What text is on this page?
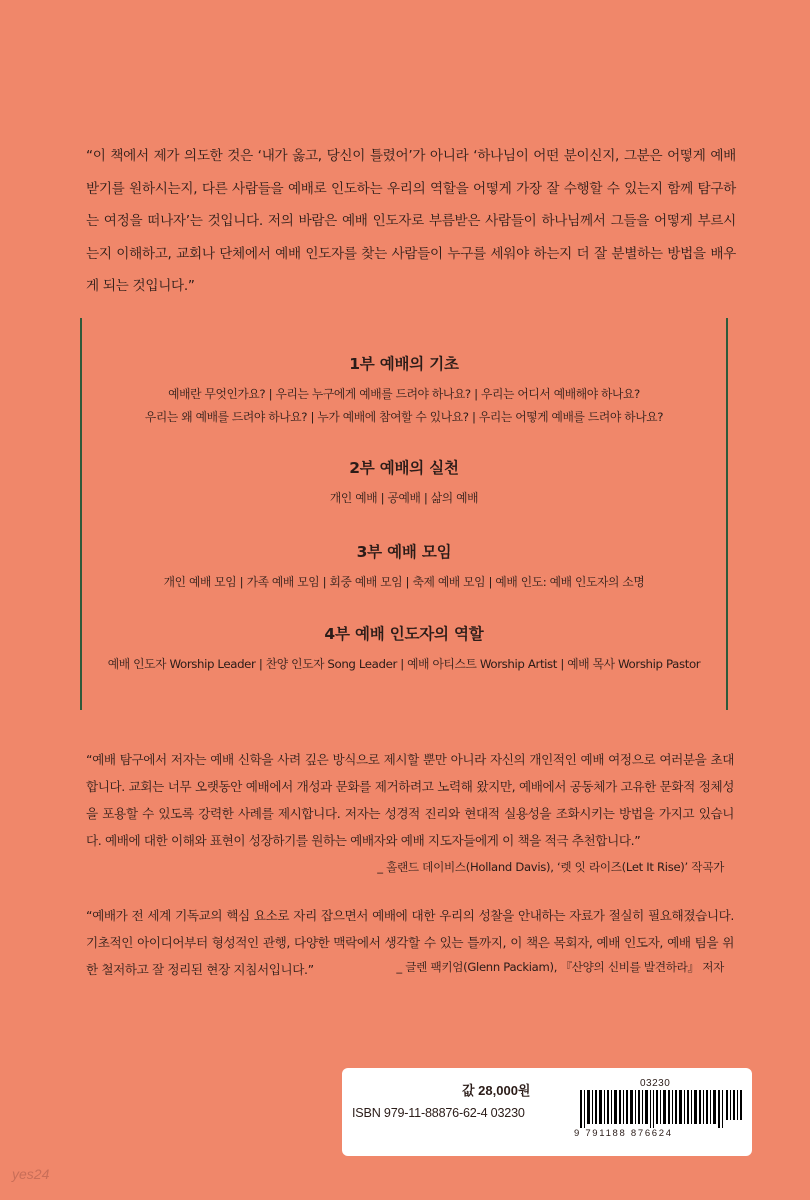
“이 책에서 제가 의도한 것은 ‘내가 옳고, 당신이 틀렸어’가 아니라 ‘하나님이 어떤 분이신지, 그분은 어떻게 예배받기를 원하시는지, 다른 사람들을 예배로 인도하는 우리의 역할을 어떻게 가장 잘 수행할 수 있는지 함께 탐구하는 여정을 떠나자’는 것입니다. 저의 바람은 예배 인도자로 부름받은 사람들이 하나님께서 그들을 어떻게 부르시는지 이해하고, 교회나 단체에서 예배 인도자를 찾는 사람들이 누구를 세워야 하는지 더 잘 분별하는 방법을 배우게 되는 것입니다.”

1부 예배의 기초

예배란 무엇인가요? | 우리는 누구에게 예배를 드려야 하나요? | 우리는 어디서 예배해야 하나요?

우리는 왜 예배를 드려야 하나요? | 누가 예배에 참여할 수 있나요? | 우리는 어떻게 예배를 드려야 하나요?

2부 예배의 실천

개인 예배 | 공예배 | 삶의 예배

3부 예배 모임

개인 예배 모임 | 가족 예배 모임 | 회중 예배 모임 | 축제 예배 모임 | 예배 인도: 예배 인도자의 소명

4부 예배 인도자의 역할

예배 인도자 Worship Leader | 찬양 인도자 Song Leader | 예배 아티스트 Worship Artist | 예배 목사 Worship Pastor

“예배 탐구에서 저자는 예배 신학을 사려 깊은 방식으로 제시할 뿐만 아니라 자신의 개인적인 예배 여정으로 여러분을 초대합니다. 교회는 너무 오랫동안 예배에서 개성과 문화를 제거하려고 노력해 왔지만, 예배에서 공동체가 고유한 문화적 정체성을 포용할 수 있도록 강력한 사례를 제시합니다. 저자는 성경적 진리와 현대적 실용성을 조화시키는 방법을 가지고 있습니다. 예배에 대한 이해와 표현이 성장하기를 원하는 예배자와 예배 지도자들에게 이 책을 적극 추천합니다.”

_ 홀랜드 데이비스(Holland Davis), ‘렛 잇 라이즈(Let It Rise)’ 작곡가

“예배가 전 세계 기독교의 핵심 요소로 자리 잡으면서 예배에 대한 우리의 성찰을 안내하는 자료가 절실히 필요해졌습니다. 기초적인 아이디어부터 형성적인 관행, 다양한 맥락에서 생각할 수 있는 틀까지, 이 책은 목회자, 예배 인도자, 예배 팀을 위한 철저하고 잘 정리된 현장 지침서입니다.”	_ 글렌 팩키엄(Glenn Packiam), 『산양의 신비를 발견하라』 저자
값 28,000원
ISBN 979-11-88876-62-4 03230
03230
9 791188 876624
yes24
